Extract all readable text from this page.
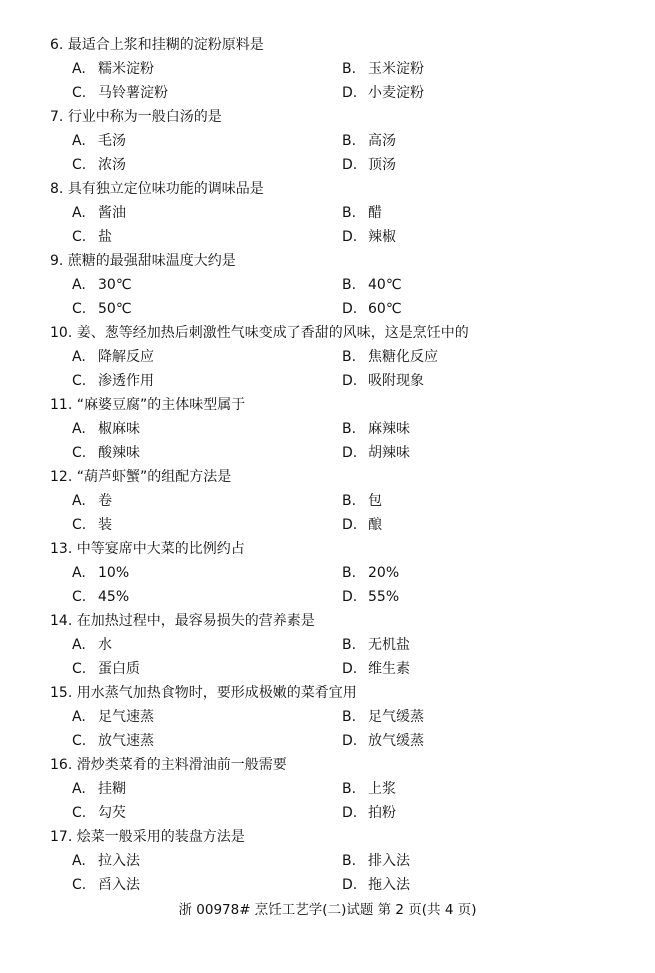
6. 最适合上浆和挂糊的淀粉原料是
A. 糯米淀粉	B. 玉米淀粉
C. 马铃薯淀粉	D. 小麦淀粉
7. 行业中称为一般白汤的是
A. 毛汤	B. 高汤
C. 浓汤	D. 顶汤
8. 具有独立定位味功能的调味品是
A. 酱油	B. 醋
C. 盐	D. 辣椒
9. 蔗糖的最强甜味温度大约是
A. 30℃	B. 40℃
C. 50℃	D. 60℃
10. 姜、葱等经加热后刺激性气味变成了香甜的风味，这是烹饪中的
A. 降解反应	B. 焦糖化反应
C. 渗透作用	D. 吸附现象
11. “麻婆豆腐”的主体味型属于
A. 椒麻味	B. 麻辣味
C. 酸辣味	D. 胡辣味
12. “葫芦虾蟹”的组配方法是
A. 卷	B. 包
C. 装	D. 酿
13. 中等宴席中大菜的比例约占
A. 10%	B. 20%
C. 45%	D. 55%
14. 在加热过程中，最容易损失的营养素是
A. 水	B. 无机盐
C. 蛋白质	D. 维生素
15. 用水蒸气加热食物时，要形成极嫩的菜肴宜用
A. 足气速蒸	B. 足气缓蒸
C. 放气速蒸	D. 放气缓蒸
16. 滑炒类菜肴的主料滑油前一般需要
A. 挂糊	B. 上浆
C. 勾芡	D. 拍粉
17. 烩菜一般采用的装盘方法是
A. 拉入法	B. 排入法
C. 舀入法	D. 拖入法
浙 00978# 烹饪工艺学(二)试题 第 2 页(共 4 页)
